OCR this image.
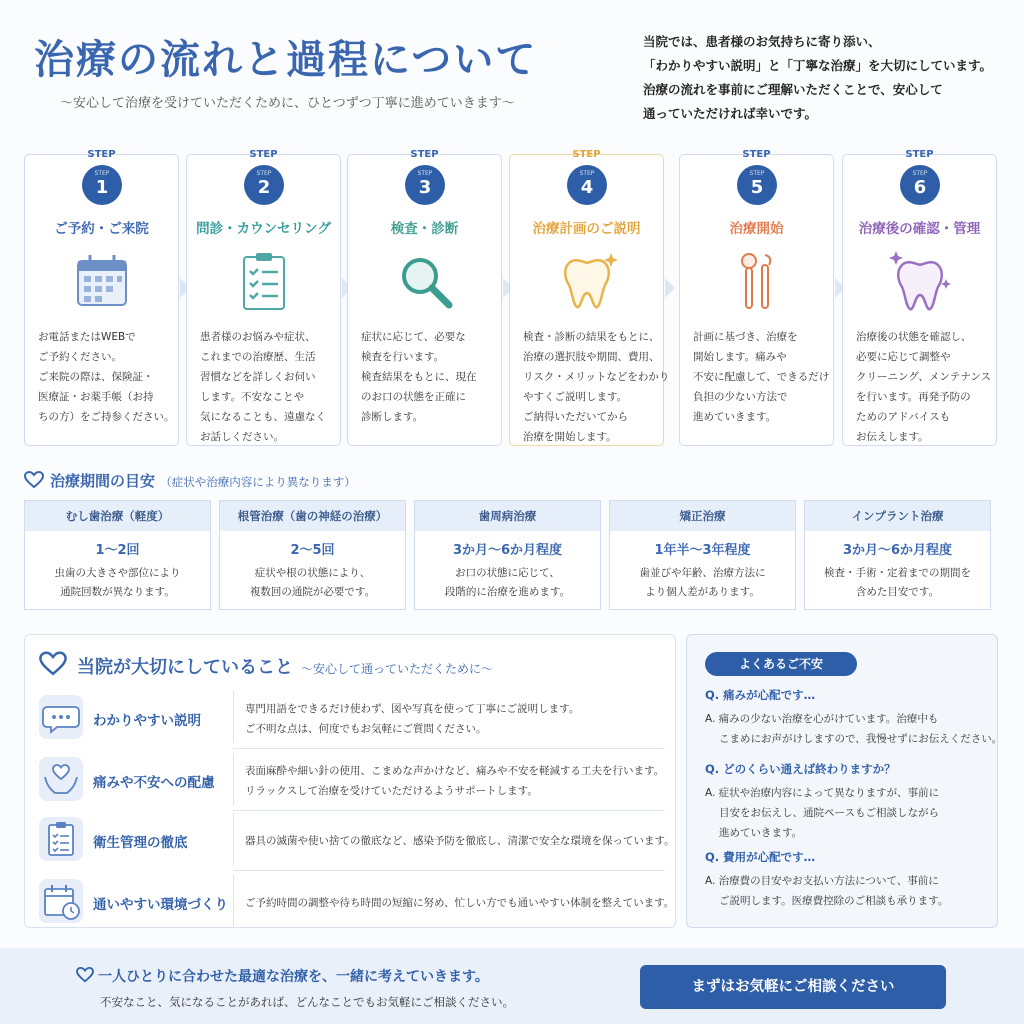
治療の流れと過程について
〜安心して治療を受けていただくために、ひとつずつ丁寧に進めていきます〜
当院では、患者様のお気持ちに寄り添い、
「わかりやすい説明」と「丁寧な治療」を大切にしています。
治療の流れを事前にご理解いただくことで、安心して
通っていただければ幸いです。
STEP
STEP
1
ご予約・ご来院
お電話またはWEBで
ご予約ください。
ご来院の際は、保険証・
医療証・お薬手帳（お持
ちの方）をご持参ください。
STEP
STEP
2
問診・カウンセリング
患者様のお悩みや症状、
これまでの治療歴、生活
習慣などを詳しくお伺い
します。不安なことや
気になることも、遠慮なく
お話しください。
STEP
STEP
3
検査・診断
症状に応じて、必要な
検査を行います。
検査結果をもとに、現在
のお口の状態を正確に
診断します。
STEP
STEP
4
治療計画のご説明
検査・診断の結果をもとに、
治療の選択肢や期間、費用、
リスク・メリットなどをわかり
やすくご説明します。
ご納得いただいてから
治療を開始します。
STEP
STEP
5
治療開始
計画に基づき、治療を
開始します。痛みや
不安に配慮して、できるだけ
負担の少ない方法で
進めていきます。
STEP
STEP
6
治療後の確認・管理
治療後の状態を確認し、
必要に応じて調整や
クリーニング、メンテナンス
を行います。再発予防の
ためのアドバイスも
お伝えします。
治療期間の目安 （症状や治療内容により異なります）
むし歯治療（軽度）
1〜2回
虫歯の大きさや部位により
通院回数が異なります。
根管治療（歯の神経の治療）
2〜5回
症状や根の状態により、
複数回の通院が必要です。
歯周病治療
3か月〜6か月程度
お口の状態に応じて、
段階的に治療を進めます。
矯正治療
1年半〜3年程度
歯並びや年齢、治療方法に
より個人差があります。
インプラント治療
3か月〜6か月程度
検査・手術・定着までの期間を
含めた目安です。
当院が大切にしていること 〜安心して通っていただくために〜
わかりやすい説明
専門用語をできるだけ使わず、図や写真を使って丁寧にご説明します。
ご不明な点は、何度でもお気軽にご質問ください。
痛みや不安への配慮
表面麻酔や細い針の使用、こまめな声かけなど、痛みや不安を軽減する工夫を行います。
リラックスして治療を受けていただけるようサポートします。
衛生管理の徹底	器具の滅菌や使い捨ての徹底など、感染予防を徹底し、清潔で安全な環境を保っています。
通いやすい環境づくり ご予約時間の調整や待ち時間の短縮に努め、忙しい方でも通いやすい体制を整えています。
よくあるご不安
Q. 痛みが心配です…
A. 痛みの少ない治療を心がけています。治療中も
こまめにお声がけしますので、我慢せずにお伝えください。
Q. どのくらい通えば終わりますか？
A. 症状や治療内容によって異なりますが、事前に
目安をお伝えし、通院ペースもご相談しながら
進めていきます。
Q. 費用が心配です…
A. 治療費の目安やお支払い方法について、事前に
ご説明します。医療費控除のご相談も承ります。
一人ひとりに合わせた最適な治療を、一緒に考えていきます。
不安なこと、気になることがあれば、どんなことでもお気軽にご相談ください。
まずはお気軽にご相談ください
